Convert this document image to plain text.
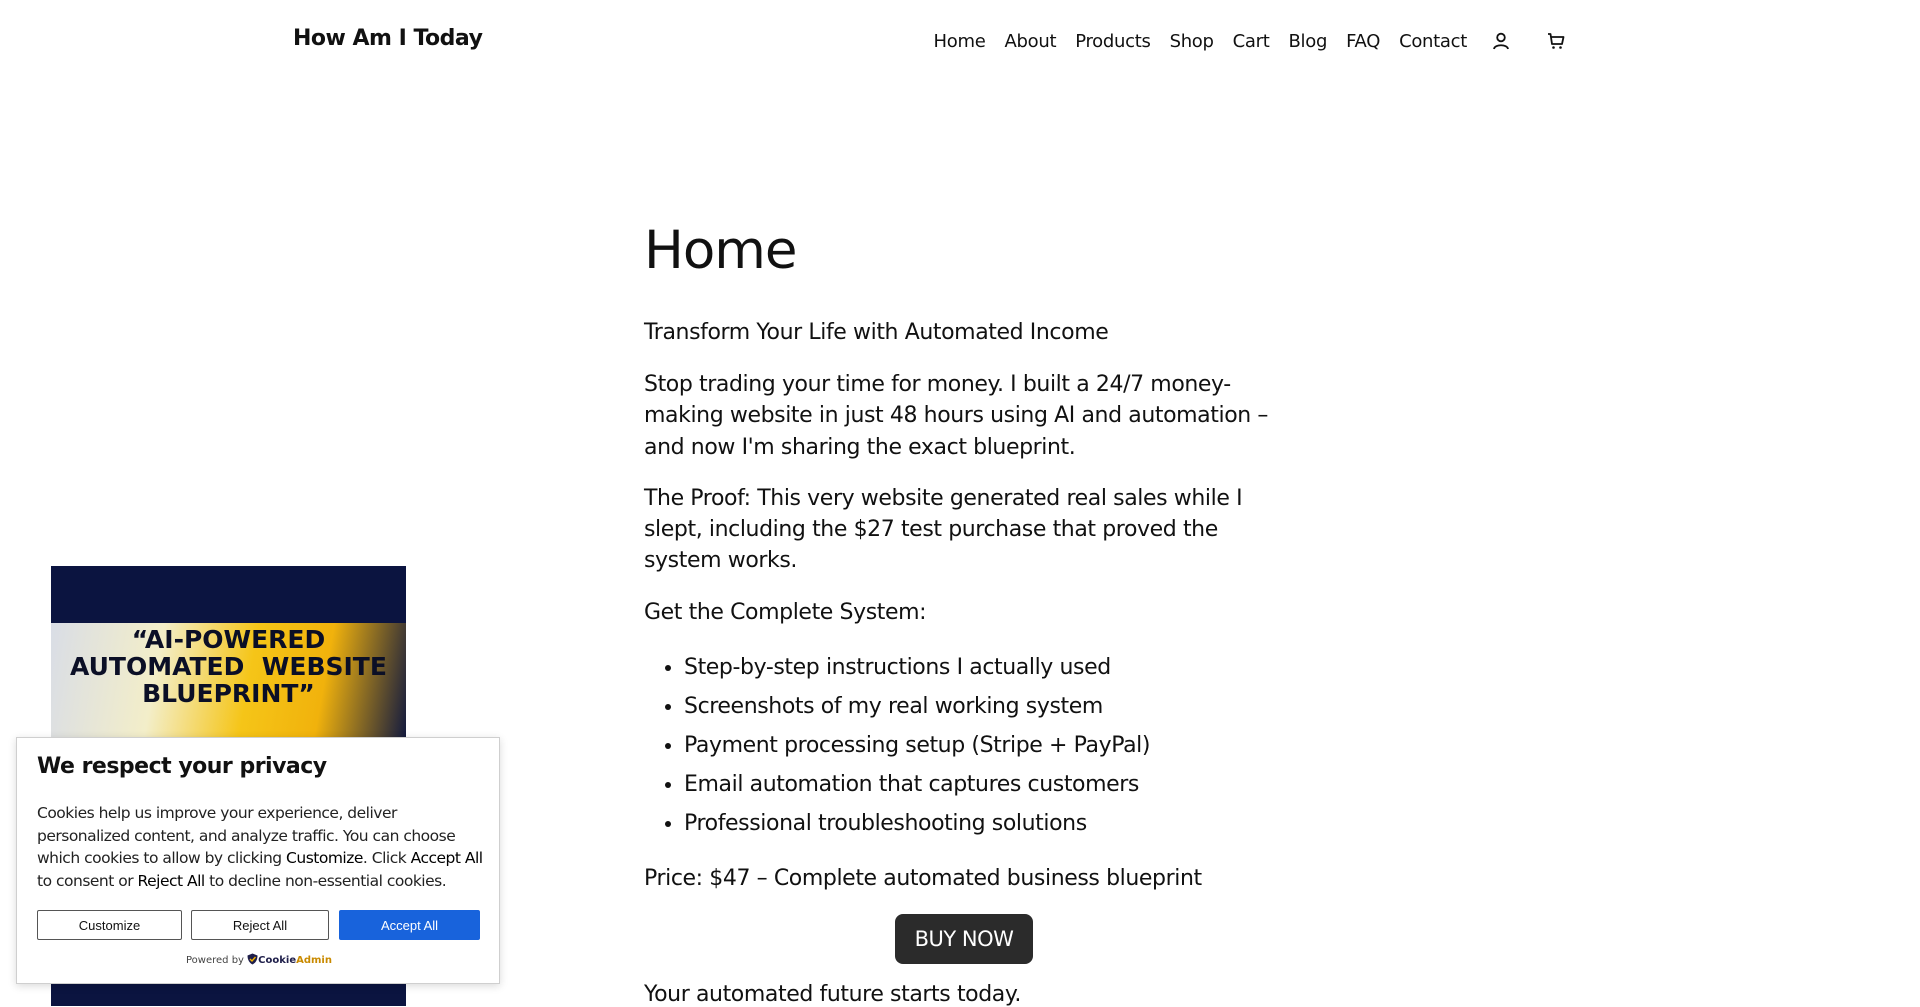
How Am I Today	Home About Products Shop Cart Blog FAQ Contact
Home

Transform Your Life with Automated Income

Stop trading your time for money. I built a 24/7 money-making website in just 48 hours using AI and automation – and now I'm sharing the exact blueprint.

The Proof: This very website generated real sales while I slept, including the $27 test purchase that proved the system works.

Get the Complete System:

• Step-by-step instructions I actually used
• Screenshots of my real working system
• Payment processing setup (Stripe + PayPal)
• Email automation that captures customers
• Professional troubleshooting solutions

Price: $47 – Complete automated business blueprint

BUY NOW

Your automated future starts today.

“AI-POWERED
AUTOMATED  WEBSITE
BLUEPRINT”
We respect your privacy
Cookies help us improve your experience, deliver personalized content, and analyze traffic. You can choose which cookies to allow by clicking Customize. Click Accept All to consent or Reject All to decline non-essential cookies.
Customize	Reject All	Accept All
Powered by CookieAdmin
